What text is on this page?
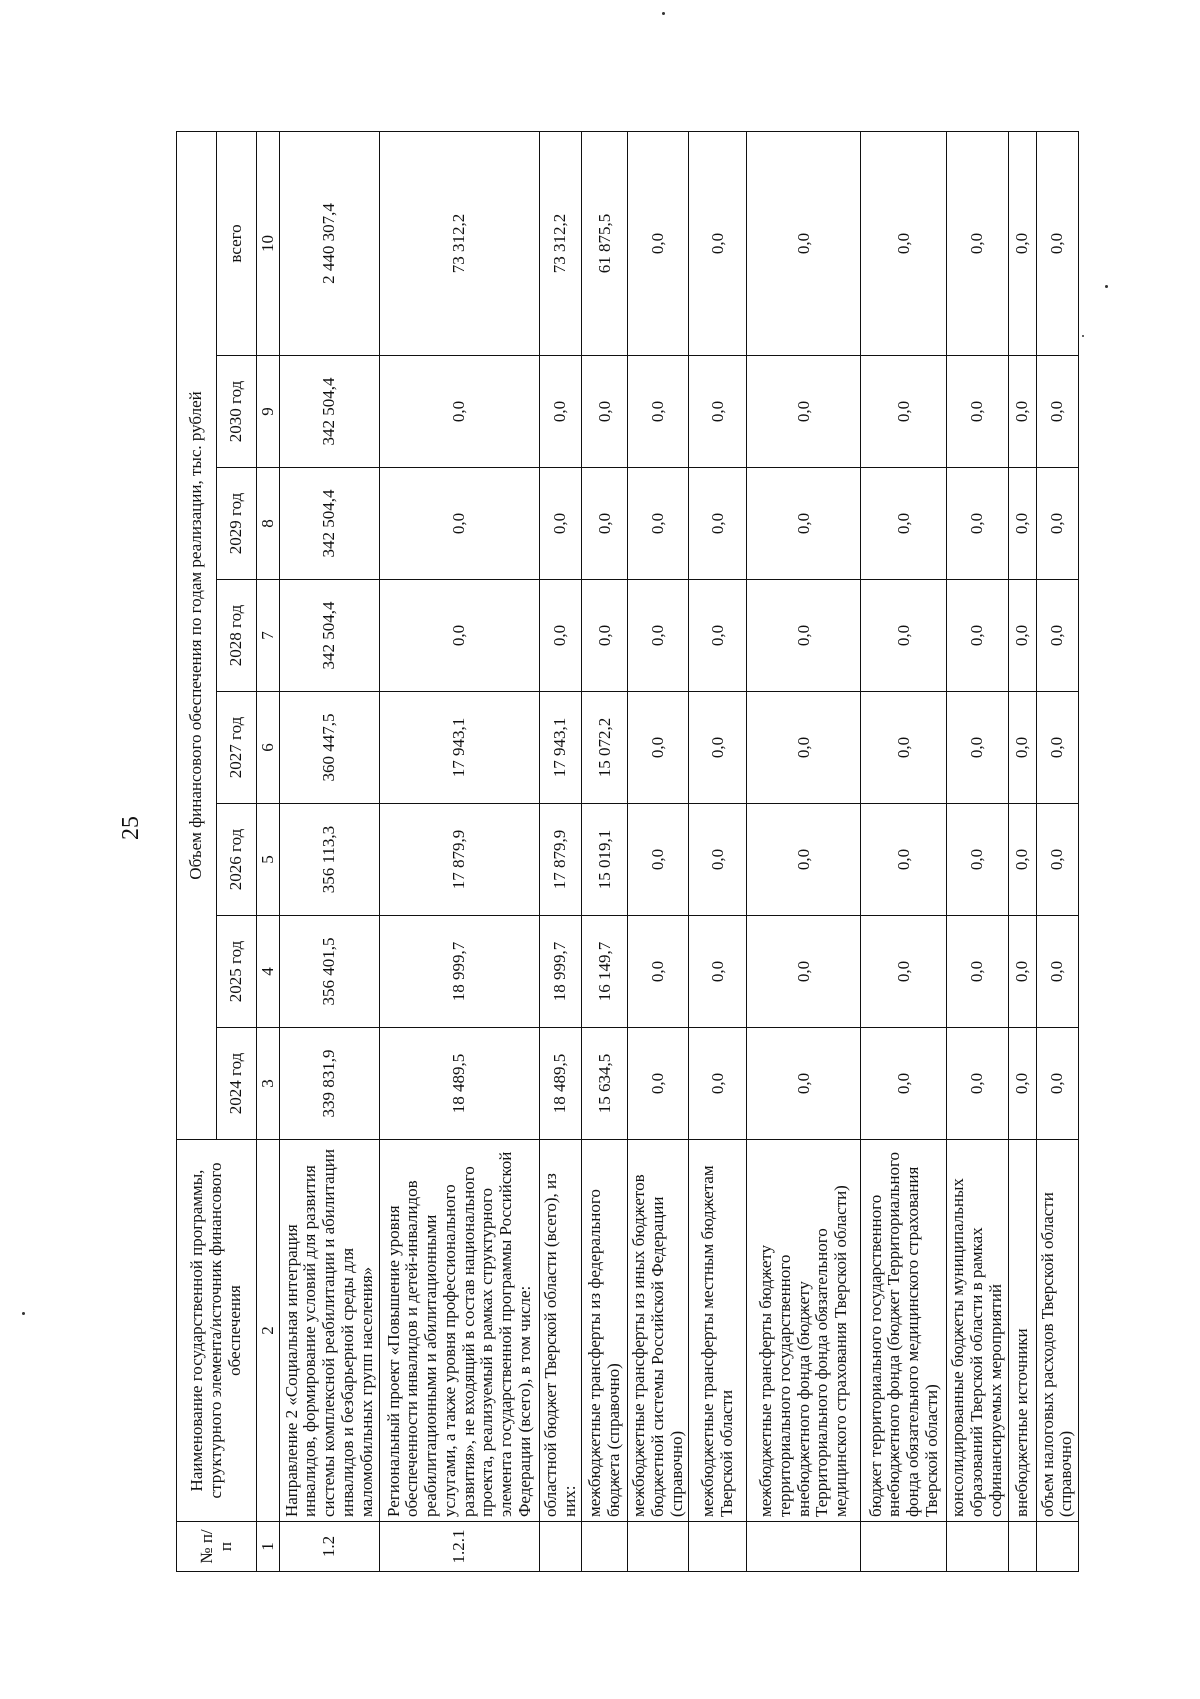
25
№ п/п	Наименование государственной программы, структурного элемента/источник финансового обеспечения	Объем финансового обеспечения по годам реализации, тыс. рублей							
		2024 год	2025 год	2026 год	2027 год	2028 год	2029 год	2030 год	всего
1	2	3	4	5	6	7	8	9	10
1.2	Направление 2 «Социальная интеграция инвалидов, формирование условий для развития системы комплексной реабилитации и абилитации инвалидов и безбарьерной среды для маломобильных групп населения»	339 831,9	356 401,5	356 113,3	360 447,5	342 504,4	342 504,4	342 504,4	2 440 307,4
1.2.1	Региональный проект «Повышение уровня обеспеченности инвалидов и детей-инвалидов реабилитационными и абилитационными услугами, а также уровня профессионального развития», не входящий в состав национального проекта, реализуемый в рамках структурного элемента государственной программы Российской Федерации (всего), в том числе:	18 489,5	18 999,7	17 879,9	17 943,1	0,0	0,0	0,0	73 312,2
	областной бюджет Тверской области (всего), из них:	18 489,5	18 999,7	17 879,9	17 943,1	0,0	0,0	0,0	73 312,2
	межбюджетные трансферты из федерального бюджета (справочно)	15 634,5	16 149,7	15 019,1	15 072,2	0,0	0,0	0,0	61 875,5
	межбюджетные трансферты из иных бюджетов бюджетной системы Российской Федерации (справочно)	0,0	0,0	0,0	0,0	0,0	0,0	0,0	0,0
	межбюджетные трансферты местным бюджетам Тверской области	0,0	0,0	0,0	0,0	0,0	0,0	0,0	0,0
	межбюджетные трансферты бюджету территориального государственного внебюджетного фонда (бюджету Территориального фонда обязательного медицинского страхования Тверской области)	0,0	0,0	0,0	0,0	0,0	0,0	0,0	0,0
	бюджет территориального государственного внебюджетного фонда (бюджет Территориального фонда обязательного медицинского страхования Тверской области)	0,0	0,0	0,0	0,0	0,0	0,0	0,0	0,0
	консолидированные бюджеты муниципальных образований Тверской области в рамках софинансируемых мероприятий	0,0	0,0	0,0	0,0	0,0	0,0	0,0	0,0
	внебюджетные источники	0,0	0,0	0,0	0,0	0,0	0,0	0,0	0,0
	объем налоговых расходов Тверской области (справочно)	0,0	0,0	0,0	0,0	0,0	0,0	0,0	0,0
